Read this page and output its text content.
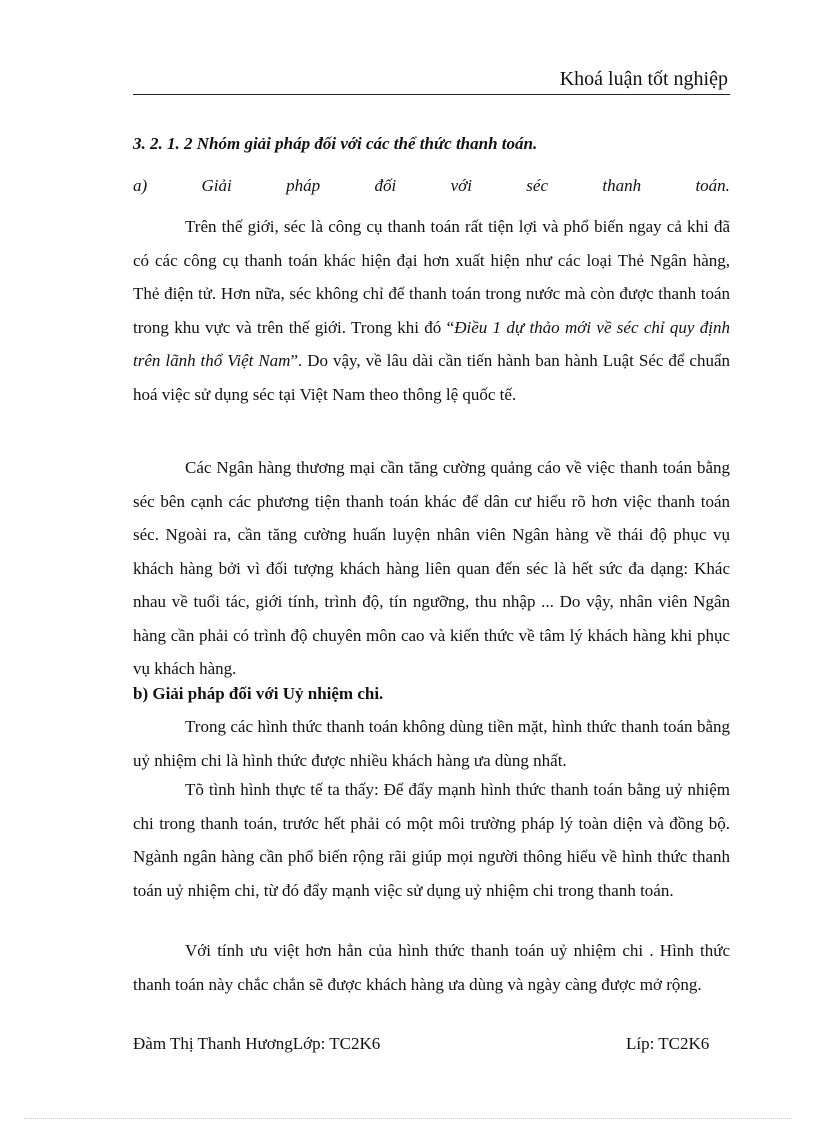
Khoá luận tốt nghiệp

3. 2. 1. 2 Nhóm giải pháp đối với các thể thức thanh toán.

a)	Giải	pháp	đối	với	séc	thanh	toán.

Trên thế giới, séc là công cụ thanh toán rất tiện lợi và phổ biến ngay cả khi đã có các công cụ thanh toán khác hiện đại hơn xuất hiện như các loại Thẻ Ngân hàng, Thẻ điện tử. Hơn nữa, séc không chỉ để thanh toán trong nước mà còn được thanh toán trong khu vực và trên thế giới. Trong khi đó “Điều 1 dự thảo mới về séc chỉ quy định trên lãnh thổ Việt Nam”. Do vậy, về lâu dài cần tiến hành ban hành Luật Séc để chuẩn hoá việc sử dụng séc tại Việt Nam theo thông lệ quốc tế.

Các Ngân hàng thương mại cần tăng cường quảng cáo về việc thanh toán bằng séc bên cạnh các phương tiện thanh toán khác để dân cư hiểu rõ hơn việc thanh toán séc. Ngoài ra, cần tăng cường huấn luyện nhân viên Ngân hàng về thái độ phục vụ khách hàng bởi vì đối tượng khách hàng liên quan đến séc là hết sức đa dạng: Khác nhau về tuổi tác, giới tính, trình độ, tín ngưỡng, thu nhập ... Do vậy, nhân viên Ngân hàng cần phải có trình độ chuyên môn cao và kiến thức về tâm lý khách hàng khi phục vụ khách hàng.

b) Giải pháp đối với Uỷ nhiệm chi.

Trong các hình thức thanh toán không dùng tiền mặt, hình thức thanh toán bằng uỷ nhiệm chi là hình thức được nhiều khách hàng ưa dùng nhất.

Tõ tình hình thực tế ta thấy: Để đẩy mạnh hình thức thanh toán bằng uỷ nhiệm chi trong thanh toán, trước hết phải có một môi trường pháp lý toàn diện và đồng bộ. Ngành ngân hàng cần phổ biến rộng rãi giúp mọi người thông hiểu về hình thức thanh toán uỷ nhiệm chi, từ đó đẩy mạnh việc sử dụng uỷ nhiệm chi trong thanh toán.

Với tính ưu việt hơn hẳn của hình thức thanh toán uỷ nhiệm chi . Hình thức thanh toán này chắc chắn sẽ được khách hàng ưa dùng và ngày càng được mở rộng.

Đàm Thị Thanh HươngLớp: TC2K6	Líp: TC2K6
